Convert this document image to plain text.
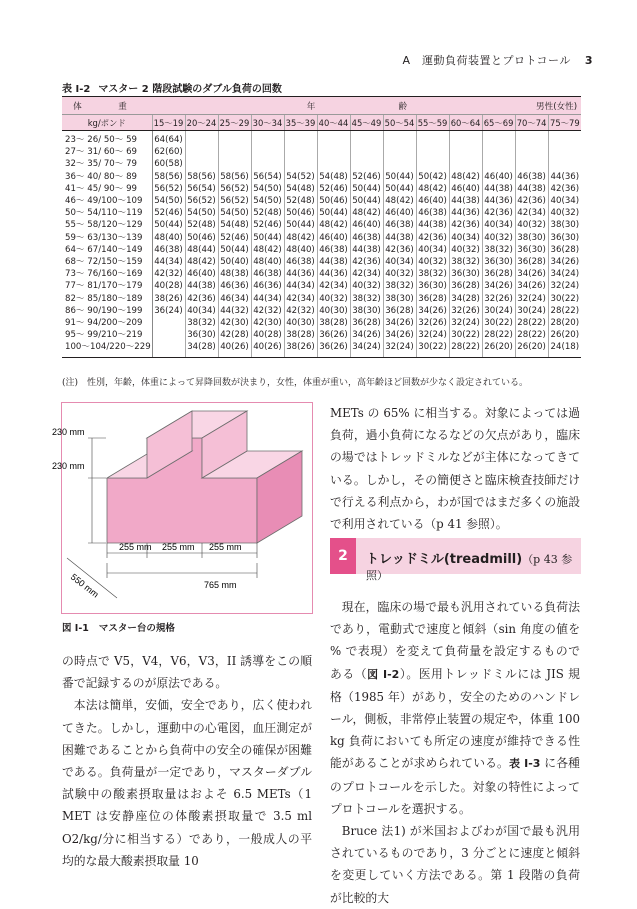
A　運動負荷装置とプロトコール 3
表 I-2 マスター 2 階段試験のダブル負荷の回数
体　重	年　　齢									男性(女性)			
kg/ポンド	15～19	20～24	25～29	30～34	35～39	40～44	45～49	50～54	55～59	60～64	65～69	70～74	75～79
23～ 26/ 50～ 59	64(64)												
27～ 31/ 60～ 69	62(60)												
32～ 35/ 70～ 79	60(58)												
36～ 40/ 80～ 89	58(56)	58(56)	58(56)	56(54)	54(52)	54(48)	52(46)	50(44)	50(42)	48(42)	46(40)	46(38)	44(36)
41～ 45/ 90～ 99	56(52)	56(54)	56(52)	54(50)	54(48)	52(46)	50(44)	50(44)	48(42)	46(40)	44(38)	44(38)	42(36)
46～ 49/100～109	54(50)	56(52)	56(52)	54(50)	52(48)	50(46)	50(44)	48(42)	46(40)	44(38)	44(36)	42(36)	40(34)
50～ 54/110～119	52(46)	54(50)	54(50)	52(48)	50(46)	50(44)	48(42)	46(40)	46(38)	44(36)	42(36)	42(34)	40(32)
55～ 58/120～129	50(44)	52(48)	54(48)	52(46)	50(44)	48(42)	46(40)	46(38)	44(38)	42(36)	40(34)	40(32)	38(30)
59～ 63/130～139	48(40)	50(46)	52(46)	50(44)	48(42)	46(40)	46(38)	44(38)	42(36)	40(34)	40(32)	38(30)	36(30)
64～ 67/140～149	46(38)	48(44)	50(44)	48(42)	48(40)	46(38)	44(38)	42(36)	40(34)	40(32)	38(32)	36(30)	36(28)
68～ 72/150～159	44(34)	48(42)	50(40)	48(40)	46(38)	44(38)	42(36)	40(34)	40(32)	38(32)	36(30)	36(28)	34(26)
73～ 76/160～169	42(32)	46(40)	48(38)	46(38)	44(36)	44(36)	42(34)	40(32)	38(32)	36(30)	36(28)	34(26)	34(24)
77～ 81/170～179	40(28)	44(38)	46(36)	46(36)	44(34)	42(34)	40(32)	38(32)	36(30)	36(28)	34(26)	34(26)	32(24)
82～ 85/180～189	38(26)	42(36)	46(34)	44(34)	42(34)	40(32)	38(32)	38(30)	36(28)	34(28)	32(26)	32(24)	30(22)
86～ 90/190～199	36(24)	40(34)	44(32)	42(32)	42(32)	40(30)	38(30)	36(28)	34(26)	32(26)	30(24)	30(24)	28(22)
91～ 94/200～209		38(32)	42(30)	42(30)	40(30)	38(28)	36(28)	34(26)	32(26)	32(24)	30(22)	28(22)	28(20)
95～ 99/210～219		36(30)	42(28)	40(28)	38(28)	36(26)	34(26)	34(26)	32(24)	30(22)	28(22)	28(22)	26(20)
100～104/220～229		34(28)	40(26)	40(26)	38(26)	36(26)	34(24)	32(24)	30(22)	28(22)	26(20)	26(20)	24(18)
(注)　性別，年齢，体重によって昇降回数が決まり，女性，体重が重い，高年齢ほど回数が少なく設定されている。
230 mm
230 mm
255 mm 255 mm 255 mm
765 mm
550 mm
図 I-1 マスター台の規格

の時点で V5，V4，V6，V3，II 誘導をこの順番で記録するのが原法である。

本法は簡単，安価，安全であり，広く使われてきた。しかし，運動中の心電図，血圧測定が困難であることから負荷中の安全の確保が困難である。負荷量が一定であり，マスターダブル試験中の酸素摂取量はおよそ 6.5 METs（1 MET は安静座位の体酸素摂取量で 3.5 ml O2/kg/分に相当する）であり，一般成人の平均的な最大酸素摂取量 10

METs の 65% に相当する。対象によっては過負荷，過小負荷になるなどの欠点があり，臨床の場ではトレッドミルなどが主体になってきている。しかし，その簡便さと臨床検査技師だけで行える利点から，わが国ではまだ多くの施設で利用されている（p 41 参照）。

2	トレッドミル(treadmill)（p 43 参照）

現在，臨床の場で最も汎用されている負荷法であり，電動式で速度と傾斜（sin 角度の値を % で表現）を変えて負荷量を設定するものである（図 I-2）。医用トレッドミルには JIS 規格（1985 年）があり，安全のためのハンドレール，側板，非常停止装置の規定や，体重 100 kg 負荷においても所定の速度が維持できる性能があることが求められている。表 I-3 に各種のプロトコールを示した。対象の特性によってプロトコールを選択する。

Bruce 法1) が米国およびわが国で最も汎用されているものであり，3 分ごとに速度と傾斜を変更していく方法である。第 1 段階の負荷が比較的大
